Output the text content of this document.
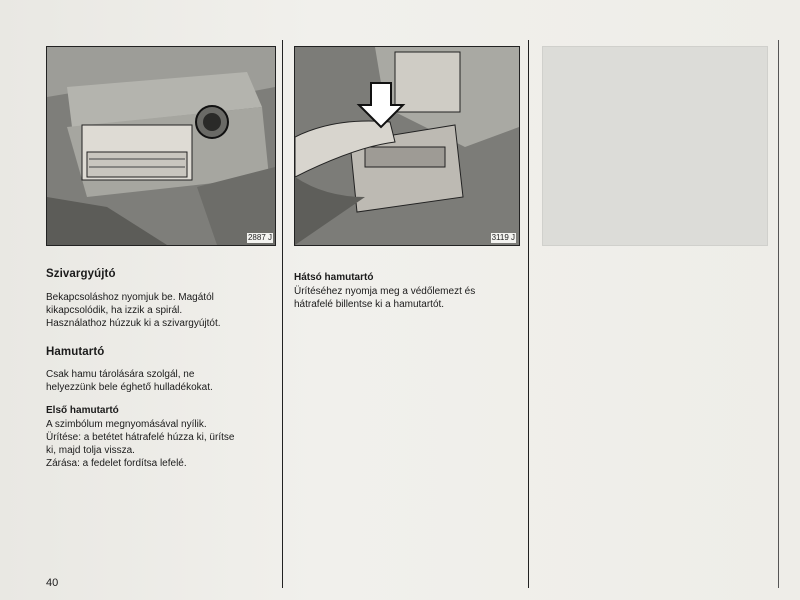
2887 J	3119 J
Szivargyújtó
Bekapcsoláshoz nyomjuk be. Magától
kikapcsolódik, ha izzik a spirál.
Használathoz húzzuk ki a szivargyújtót.
Hamutartó
Csak hamu tárolására szolgál, ne
helyezzünk bele éghető hulladékokat.
Első hamutartó
A szimbólum megnyomásával nyílik.
Ürítése: a betétet hátrafelé húzza ki, ürítse
ki, majd tolja vissza.
Zárása: a fedelet fordítsa lefelé.
Hátsó hamutartó
Ürítéséhez nyomja meg a védőlemezt és
hátrafelé billentse ki a hamutartót.
40
